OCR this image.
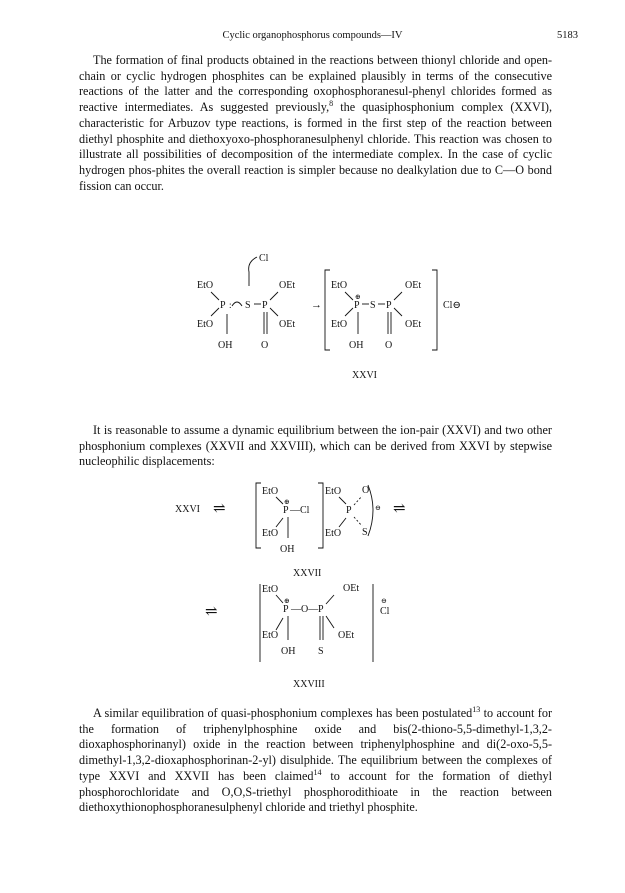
Cyclic organophosphorus compounds—IV	5183

The formation of final products obtained in the reactions between thionyl chloride and open-chain or cyclic hydrogen phosphites can be explained plausibly in terms of the consecutive reactions of the latter and the corresponding oxophosphoranesul-phenyl chlorides formed as reactive intermediates. As suggested previously,$^8$ the quasiphosphonium complex (XXVI), characteristic for Arbuzov type reactions, is formed in the first step of the reaction between diethyl phosphite and diethoxyoxo-phosphoranesulphenyl chloride. This reaction was chosen to illustrate all possibilities of decomposition of the intermediate complex. In the case of cyclic hydrogen phos-phites the overall reaction is simpler because no dealkylation due to C—O bond fission can occur.

Cl
EtO
EtO
P :
OH
S P
OEt
OEt
O
→
EtO
EtO
⊕
P S P
OH
OEt
OEt
O
Cl⊖
XXVI

It is reasonable to assume a dynamic equilibrium between the ion-pair (XXVI) and two other phosphonium complexes (XXVII and XXVIII), which can be derived from XXVI by stepwise nucleophilic displacements:

XXVI ⇌
EtO
⊕
P —Cl
EtO
OH
EtO
P
EtO
O
S
⊖ ⇌
XXVII
⇌
EtO
⊕
P —O— P
EtO
OH
OEt
OEt
S
⊖
Cl
XXVIII

A similar equilibration of quasi-phosphonium complexes has been postulated$^{13}$ to account for the formation of triphenylphosphine oxide and bis(2-thiono-5,5-dimethyl-1,3,2-dioxaphosphorinanyl) oxide in the reaction between triphenylphosphine and di(2-oxo-5,5-dimethyl-1,3,2-dioxaphosphorinan-2-yl) disulphide. The equilibrium between the complexes of type XXVI and XXVII has been claimed$^{14}$ to account for the formation of diethyl phosphorochloridate and O,O,S-triethyl phosphorodithioate in the reaction between diethoxythionophosphoranesulphenyl chloride and triethyl phosphite.
